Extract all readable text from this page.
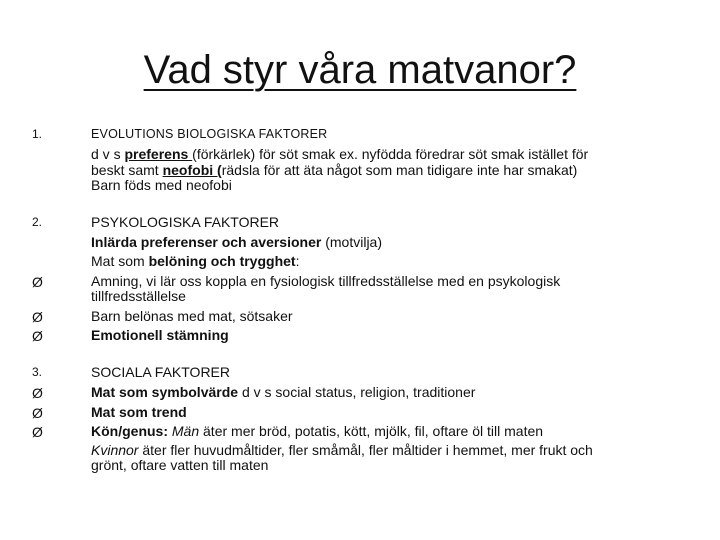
Vad styr våra matvanor?
1.	EVOLUTIONS BIOLOGISKA FAKTORER
d v s preferens (förkärlek) för söt smak ex. nyfödda föredrar söt smak istället för
beskt samt neofobi (rädsla för att äta något som man tidigare inte har smakat)
Barn föds med neofobi
2.	PSYKOLOGISKA FAKTORER
Inlärda preferenser och aversioner (motvilja)
Mat som belöning och trygghet:
Ø	Amning, vi lär oss koppla en fysiologisk tillfredsställelse med en psykologisk
tillfredsställelse
Ø	Barn belönas med mat, sötsaker
Ø	Emotionell stämning
3.	SOCIALA FAKTORER
Ø	Mat som symbolvärde d v s social status, religion, traditioner
Ø	Mat som trend
Ø	Kön/genus: Män äter mer bröd, potatis, kött, mjölk, fil, oftare öl till maten
Kvinnor äter fler huvudmåltider, fler småmål, fler måltider i hemmet, mer frukt och
grönt, oftare vatten till maten
